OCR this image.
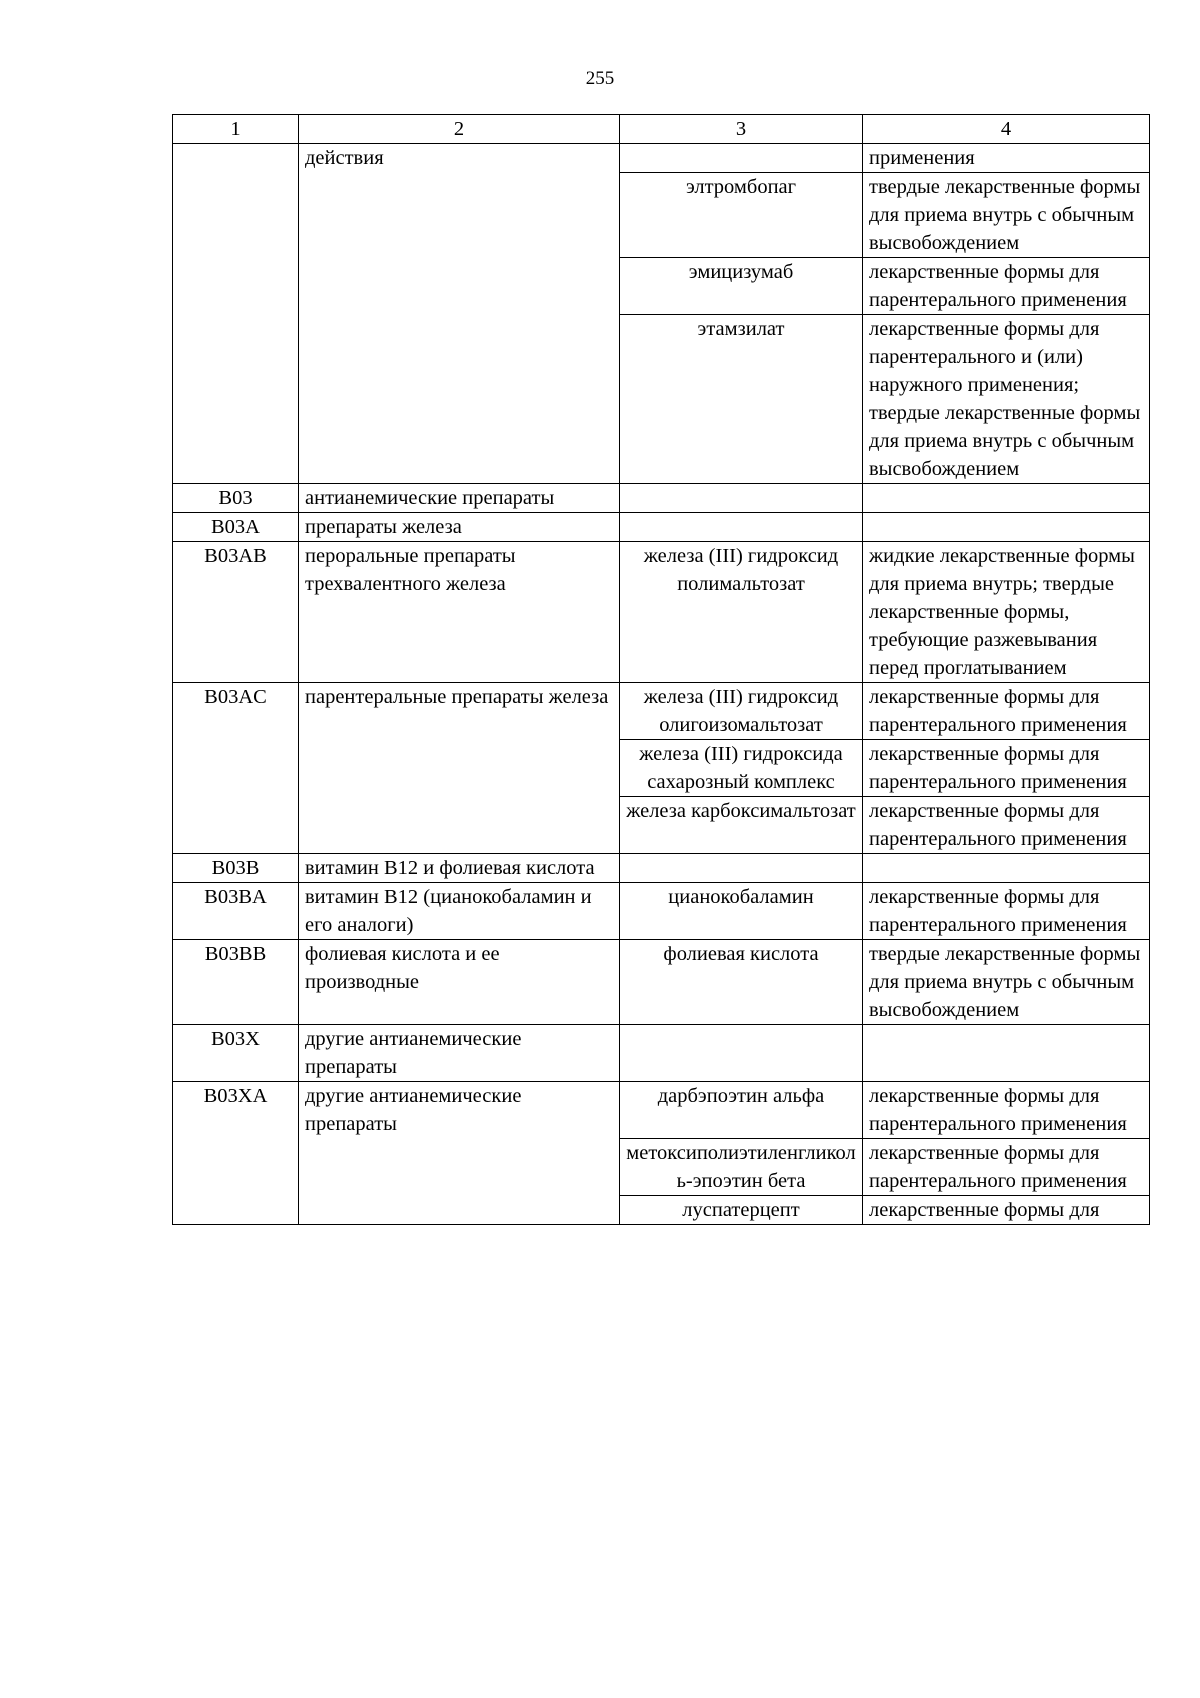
255
1	2	3	4
	действия		применения
		элтромбопаг	твердые лекарственные формы для приема внутрь с обычным высвобождением
		эмицизумаб	лекарственные формы для парентерального применения
		этамзилат	лекарственные формы для парентерального и (или) наружного применения; твердые лекарственные формы для приема внутрь с обычным высвобождением
B03	антианемические препараты		
B03A	препараты железа		
B03AB	пероральные препараты трехвалентного железа	железа (III) гидроксид полимальтозат	жидкие лекарственные формы для приема внутрь; твердые лекарственные формы, требующие разжевывания перед проглатыванием
B03AC	парентеральные препараты железа	железа (III) гидроксид олигоизомальтозат	лекарственные формы для парентерального применения
		железа (III) гидроксида сахарозный комплекс	лекарственные формы для парентерального применения
		железа карбоксимальтозат	лекарственные формы для парентерального применения
B03B	витамин B12 и фолиевая кислота		
B03BA	витамин B12 (цианокобаламин и его аналоги)	цианокобаламин	лекарственные формы для парентерального применения
B03BB	фолиевая кислота и ее производные	фолиевая кислота	твердые лекарственные формы для приема внутрь с обычным высвобождением
B03X	другие антианемические препараты		
B03XA	другие антианемические препараты	дарбэпоэтин альфа	лекарственные формы для парентерального применения
		метоксиполиэтиленгликоль-эпоэтин бета	лекарственные формы для парентерального применения
		луспатерцепт	лекарственные формы для
